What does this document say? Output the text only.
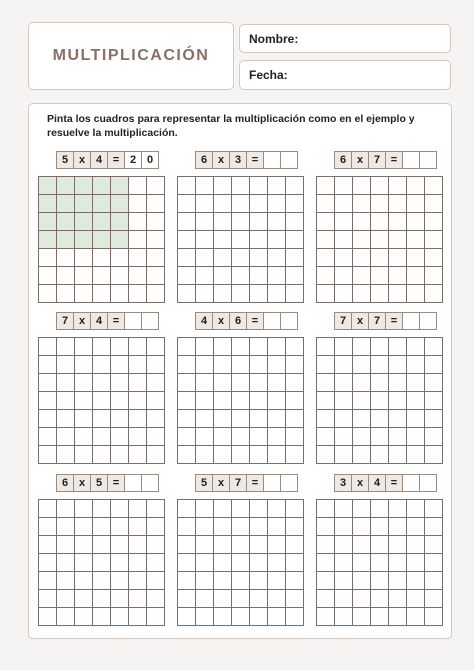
MULTIPLICACIÓN
Nombre:
Fecha:
Pinta los cuadros para representar la multiplicación como en el ejemplo y resuelve la multiplicación.
5 x 4 = 2 0	6 x 3 =	6 x 7 =
7 x 4 =	4 x 6 =	7 x 7 =
6 x 5 =	5 x 7 =	3 x 4 =
